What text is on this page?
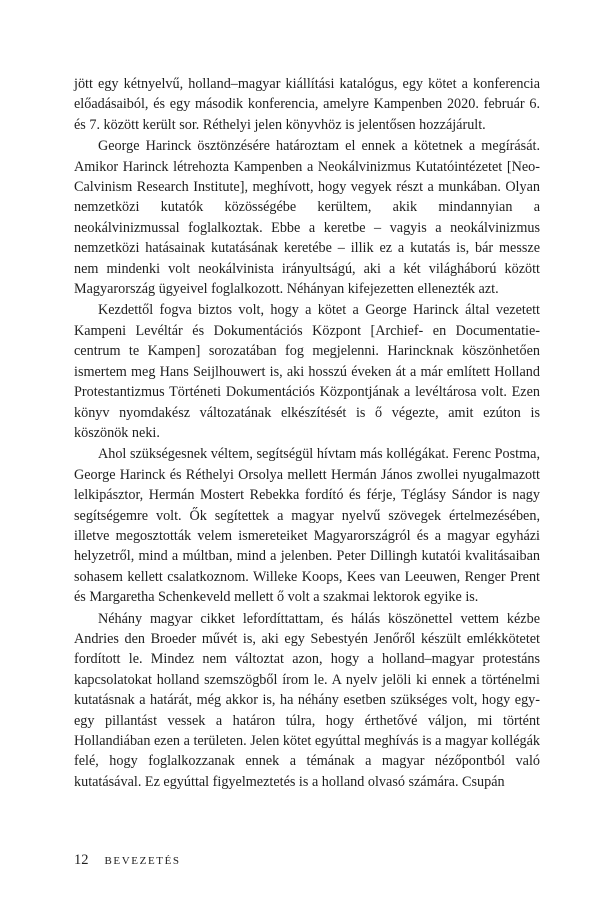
jött egy kétnyelvű, holland–magyar kiállítási katalógus, egy kötet a konferencia előadásaiból, és egy második konferencia, amelyre Kampenben 2020. február 6. és 7. között került sor. Réthelyi jelen könyvhöz is jelentősen hozzájárult.

George Harinck ösztönzésére határoztam el ennek a kötetnek a megírását. Amikor Harinck létrehozta Kampenben a Neokálvinizmus Kutatóintézetet [Neo-Calvinism Research Institute], meghívott, hogy vegyek részt a munkában. Olyan nemzetközi kutatók közösségébe kerültem, akik mindannyian a neokálvinizmussal foglalkoztak. Ebbe a keretbe – vagyis a neokálvinizmus nemzetközi hatásainak kutatásának keretébe – illik ez a kutatás is, bár messze nem mindenki volt neokálvinista irányultságú, aki a két világháború között Magyarország ügyeivel foglalkozott. Néhányan kifejezetten ellenezték azt.

Kezdettől fogva biztos volt, hogy a kötet a George Harinck által vezetett Kampeni Levéltár és Dokumentációs Központ [Archief- en Documentatiecentrum te Kampen] sorozatában fog megjelenni. Harincknak köszönhetően ismertem meg Hans Seijlhouwert is, aki hosszú éveken át a már említett Holland Protestantizmus Történeti Dokumentációs Központjának a levéltárosa volt. Ezen könyv nyomdakész változatának elkészítését is ő végezte, amit ezúton is köszönök neki.

Ahol szükségesnek véltem, segítségül hívtam más kollégákat. Ferenc Postma, George Harinck és Réthelyi Orsolya mellett Hermán János zwollei nyugalmazott lelkipásztor, Hermán Mostert Rebekka fordító és férje, Téglásy Sándor is nagy segítségemre volt. Ők segítettek a magyar nyelvű szövegek értelmezésében, illetve megosztották velem ismereteiket Magyarországról és a magyar egyházi helyzetről, mind a múltban, mind a jelenben. Peter Dillingh kutatói kvalitásaiban sohasem kellett csalatkoznom. Willeke Koops, Kees van Leeuwen, Renger Prent és Margaretha Schenkeveld mellett ő volt a szakmai lektorok egyike is.

Néhány magyar cikket lefordíttattam, és hálás köszönettel vettem kézbe Andries den Broeder művét is, aki egy Sebestyén Jenőről készült emlékkötetet fordított le. Mindez nem változtat azon, hogy a holland–magyar protestáns kapcsolatokat holland szemszögből írom le. A nyelv jelöli ki ennek a történelmi kutatásnak a határát, még akkor is, ha néhány esetben szükséges volt, hogy egy-egy pillantást vessek a határon túlra, hogy érthetővé váljon, mi történt Hollandiában ezen a területen. Jelen kötet egyúttal meghívás is a magyar kollégák felé, hogy foglalkozzanak ennek a témának a magyar nézőpontból való kutatásával. Ez egyúttal figyelmeztetés is a holland olvasó számára. Csupán

12 BEVEZETÉS
